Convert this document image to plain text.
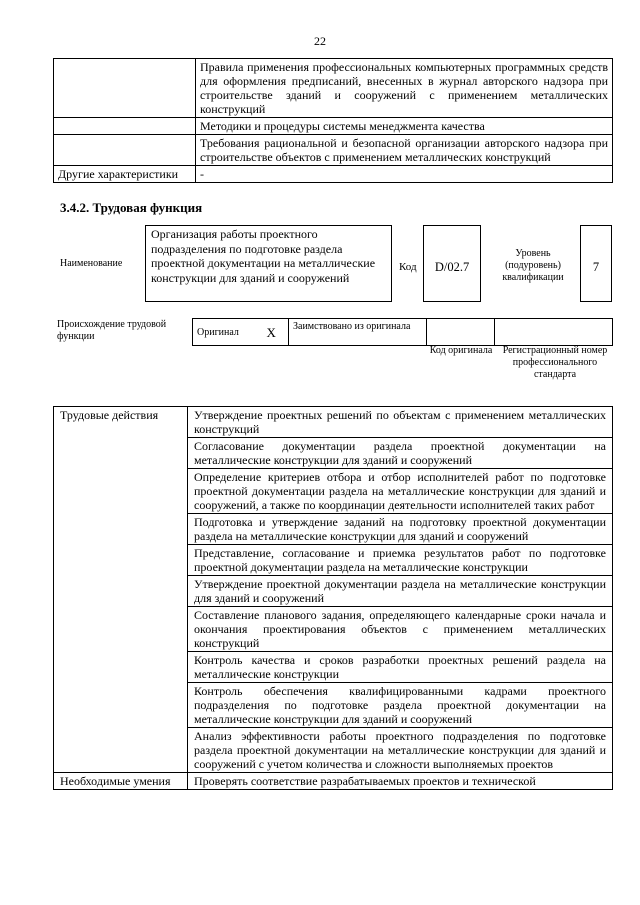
22
	Правила применения профессиональных компьютерных программных средств для оформления предписаний, внесенных в журнал авторского надзора при строительстве зданий и сооружений с применением металлических конструкций
	Методики и процедуры системы менеджмента качества
	Требования рациональной и безопасной организации авторского надзора при строительстве объектов с применением металлических конструкций
Другие характеристики	-
3.4.2. Трудовая функция
Наименование
Организация работы проектного подразделения по подготовке раздела проектной документации на металлические конструкции для зданий и сооружений
Код	D/02.7
Уровень (подуровень) квалификации
7
Происхождение трудовой функции	Оригинал	X	Заимствовано из оригинала		
Код оригинала	Регистрационный номер профессионального стандарта
Трудовые действия	Утверждение проектных решений по объектам с применением металлических конструкций
	Согласование документации раздела проектной документации на металлические конструкции для зданий и сооружений
	Определение критериев отбора и отбор исполнителей работ по подготовке проектной документации раздела на металлические конструкции для зданий и сооружений, а также по координации деятельности исполнителей таких работ
	Подготовка и утверждение заданий на подготовку проектной документации раздела на металлические конструкции для зданий и сооружений
	Представление, согласование и приемка результатов работ по подготовке проектной документации раздела на металлические конструкции
	Утверждение проектной документации раздела на металлические конструкции для зданий и сооружений
	Составление планового задания, определяющего календарные сроки начала и окончания проектирования объектов с применением металлических конструкций
	Контроль качества и сроков разработки проектных решений раздела на металлические конструкции
	Контроль обеспечения квалифицированными кадрами проектного подразделения по подготовке раздела проектной документации на металлические конструкции для зданий и сооружений
	Анализ эффективности работы проектного подразделения по подготовке раздела проектной документации на металлические конструкции для зданий и сооружений с учетом количества и сложности выполняемых проектов
Необходимые умения	Проверять соответствие разрабатываемых проектов и технической
